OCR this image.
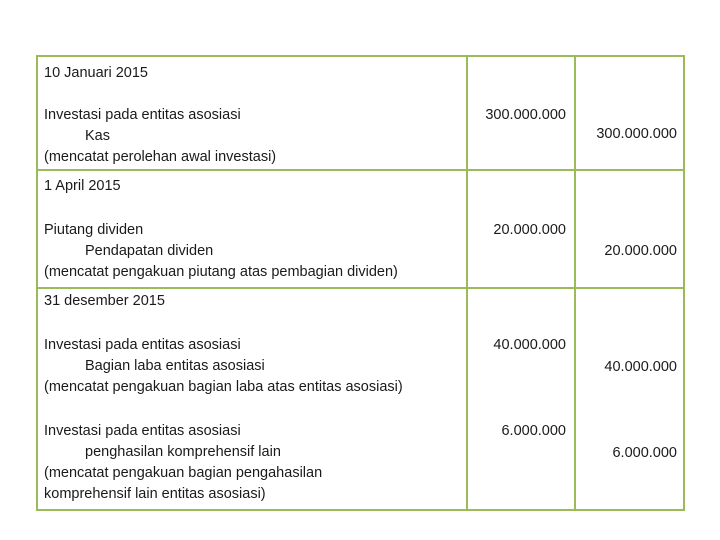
10 Januari 2015
Investasi pada entitas asosiasi
Kas
(mencatat perolehan awal investasi)
300.000.000
300.000.000
1 April 2015
Piutang dividen
Pendapatan dividen
(mencatat pengakuan piutang atas pembagian dividen)
20.000.000
20.000.000
31 desember 2015
Investasi pada entitas asosiasi
Bagian laba entitas asosiasi
(mencatat pengakuan bagian laba atas entitas asosiasi)
40.000.000
40.000.000
Investasi pada entitas asosiasi
penghasilan komprehensif lain
(mencatat pengakuan bagian pengahasilan
komprehensif lain entitas asosiasi)
6.000.000
6.000.000
